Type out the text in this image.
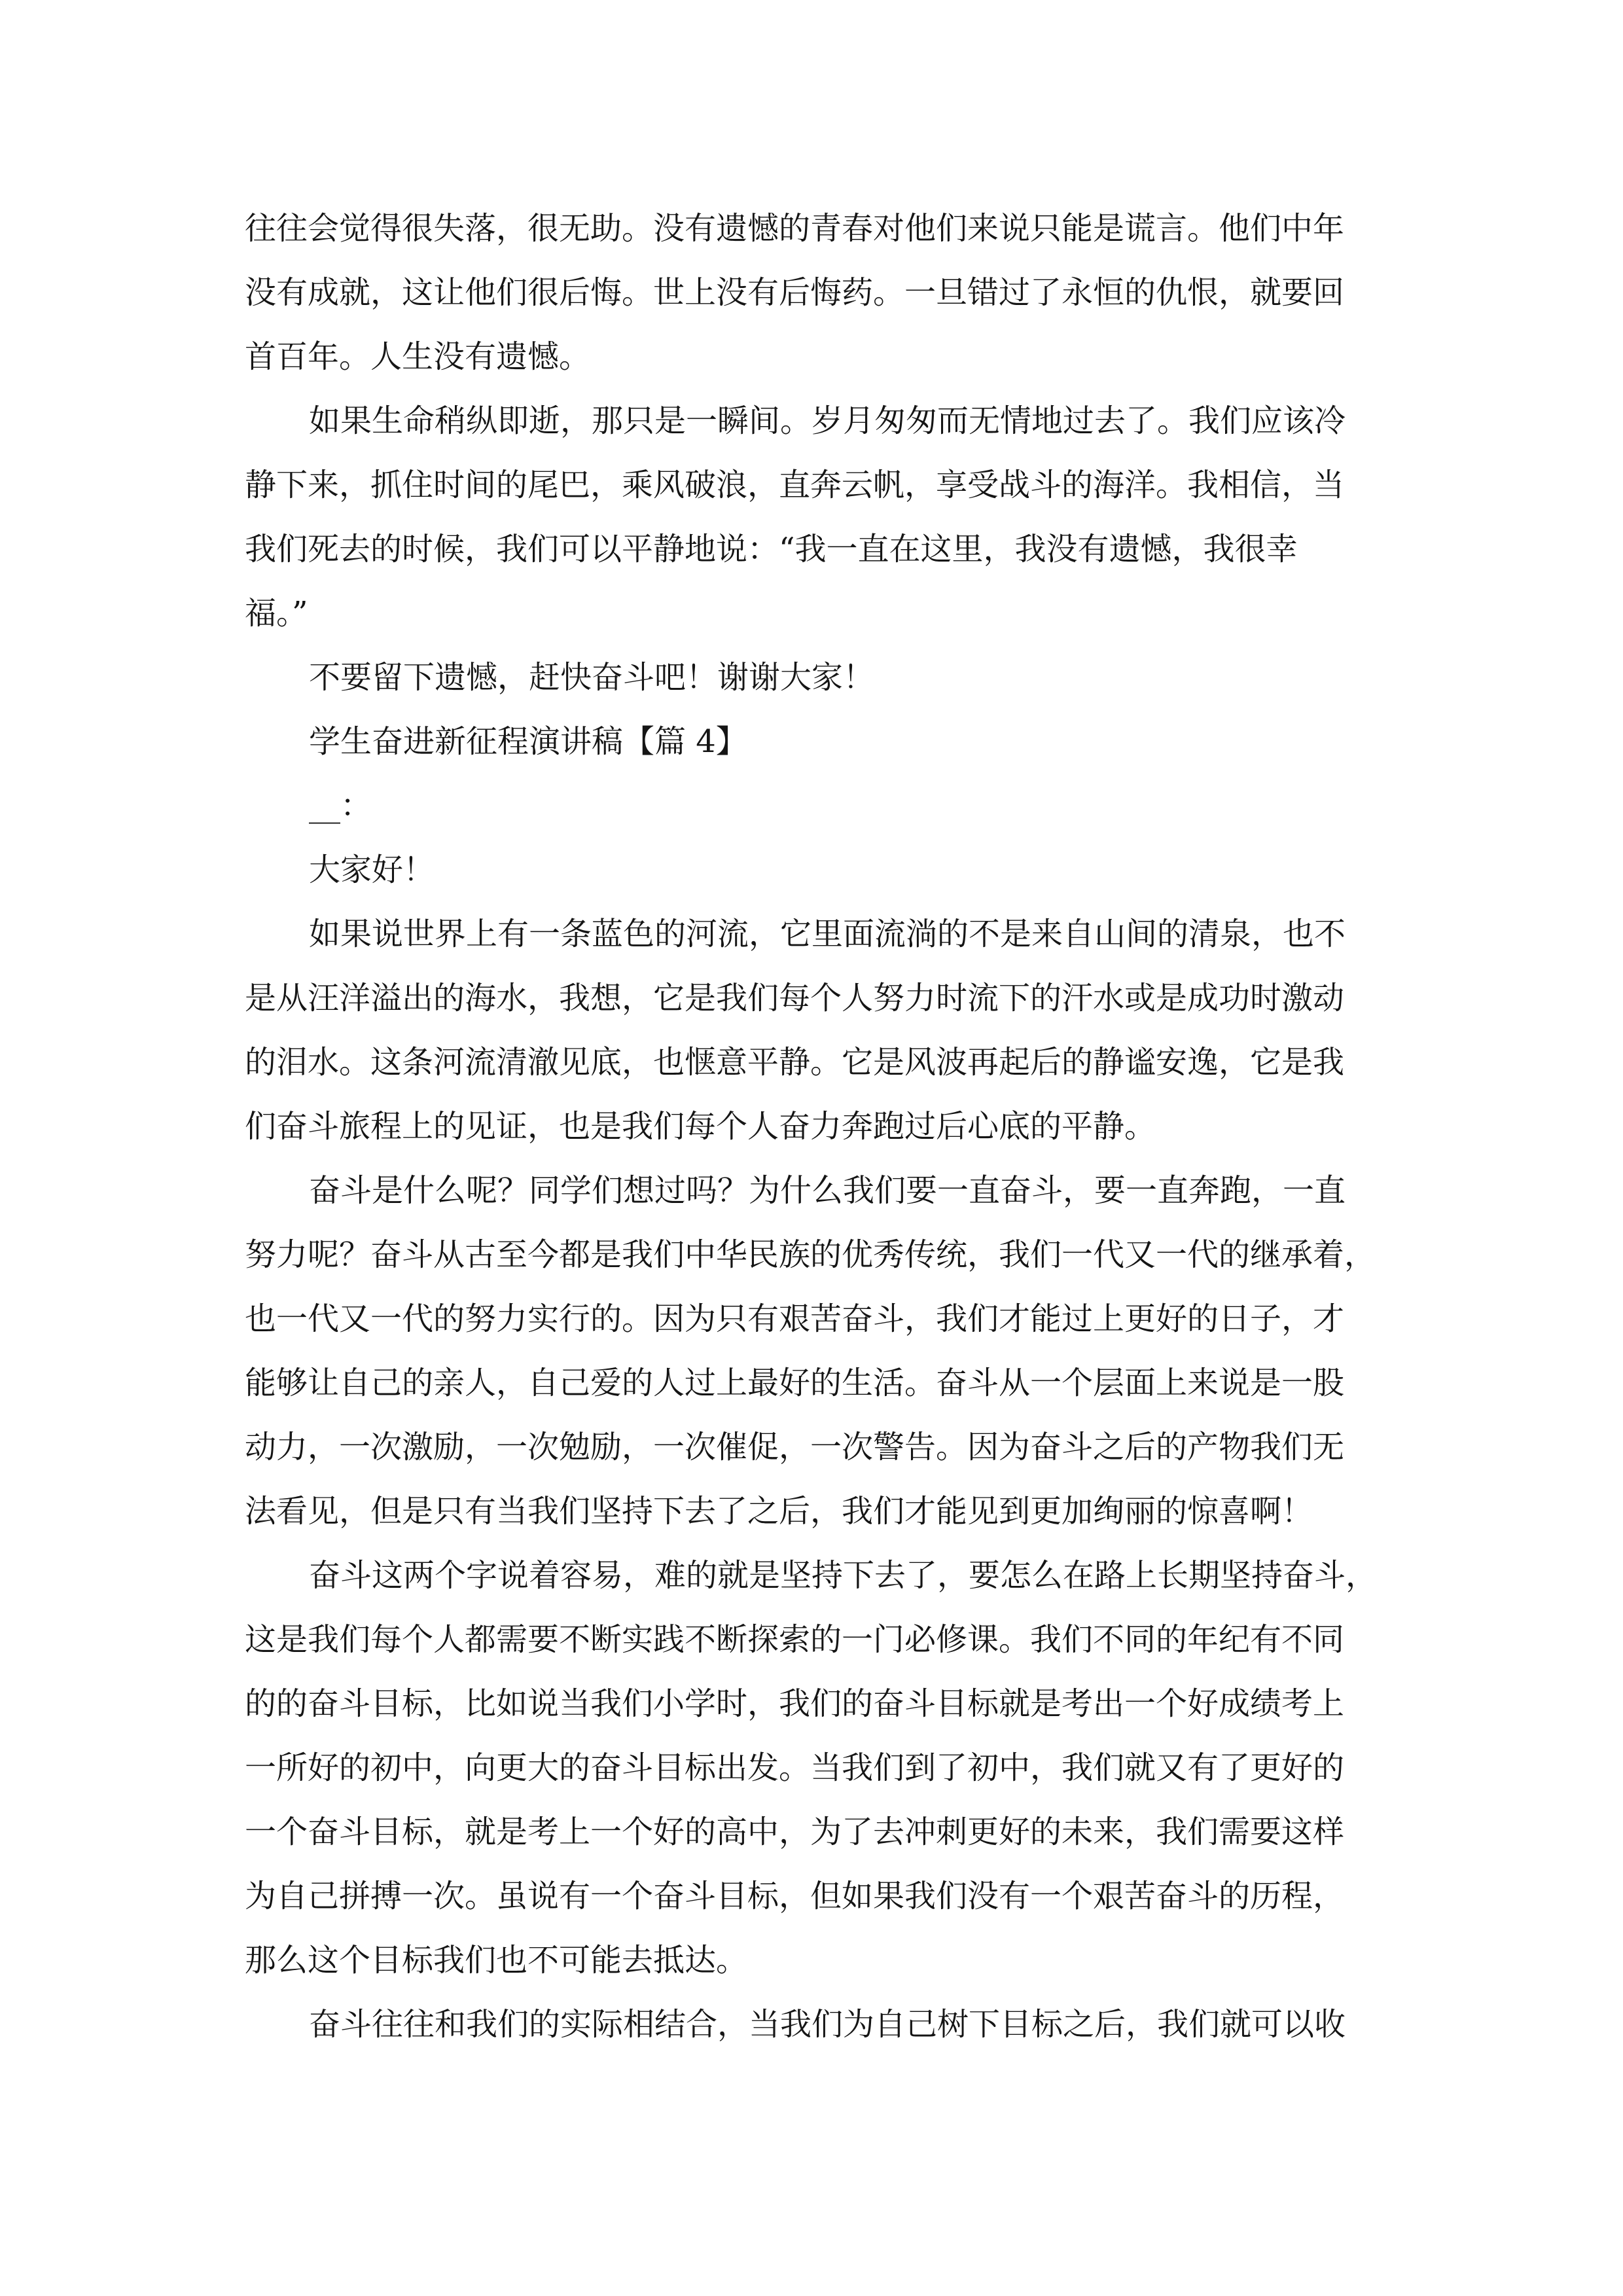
往往会觉得很失落，很无助。没有遗憾的青春对他们来说只能是谎言。他们中年
没有成就，这让他们很后悔。世上没有后悔药。一旦错过了永恒的仇恨，就要回
首百年。人生没有遗憾。

如果生命稍纵即逝，那只是一瞬间。岁月匆匆而无情地过去了。我们应该冷
静下来，抓住时间的尾巴，乘风破浪，直奔云帆，享受战斗的海洋。我相信，当
我们死去的时候，我们可以平静地说：“我一直在这里，我没有遗憾，我很幸
福。”

不要留下遗憾，赶快奋斗吧！谢谢大家！

学生奋进新征程演讲稿【篇 4】

__：

大家好！

如果说世界上有一条蓝色的河流，它里面流淌的不是来自山间的清泉，也不
是从汪洋溢出的海水，我想，它是我们每个人努力时流下的汗水或是成功时激动
的泪水。这条河流清澈见底，也惬意平静。它是风波再起后的静谧安逸，它是我
们奋斗旅程上的见证，也是我们每个人奋力奔跑过后心底的平静。

奋斗是什么呢？同学们想过吗？为什么我们要一直奋斗，要一直奔跑，一直
努力呢？奋斗从古至今都是我们中华民族的优秀传统，我们一代又一代的继承着，
也一代又一代的努力实行的。因为只有艰苦奋斗，我们才能过上更好的日子，才
能够让自己的亲人，自己爱的人过上最好的生活。奋斗从一个层面上来说是一股
动力，一次激励，一次勉励，一次催促，一次警告。因为奋斗之后的产物我们无
法看见，但是只有当我们坚持下去了之后，我们才能见到更加绚丽的惊喜啊！

奋斗这两个字说着容易，难的就是坚持下去了，要怎么在路上长期坚持奋斗，
这是我们每个人都需要不断实践不断探索的一门必修课。我们不同的年纪有不同
的的奋斗目标，比如说当我们小学时，我们的奋斗目标就是考出一个好成绩考上
一所好的初中，向更大的奋斗目标出发。当我们到了初中，我们就又有了更好的
一个奋斗目标，就是考上一个好的高中，为了去冲刺更好的未来，我们需要这样
为自己拼搏一次。虽说有一个奋斗目标，但如果我们没有一个艰苦奋斗的历程，
那么这个目标我们也不可能去抵达。

奋斗往往和我们的实际相结合，当我们为自己树下目标之后，我们就可以收
